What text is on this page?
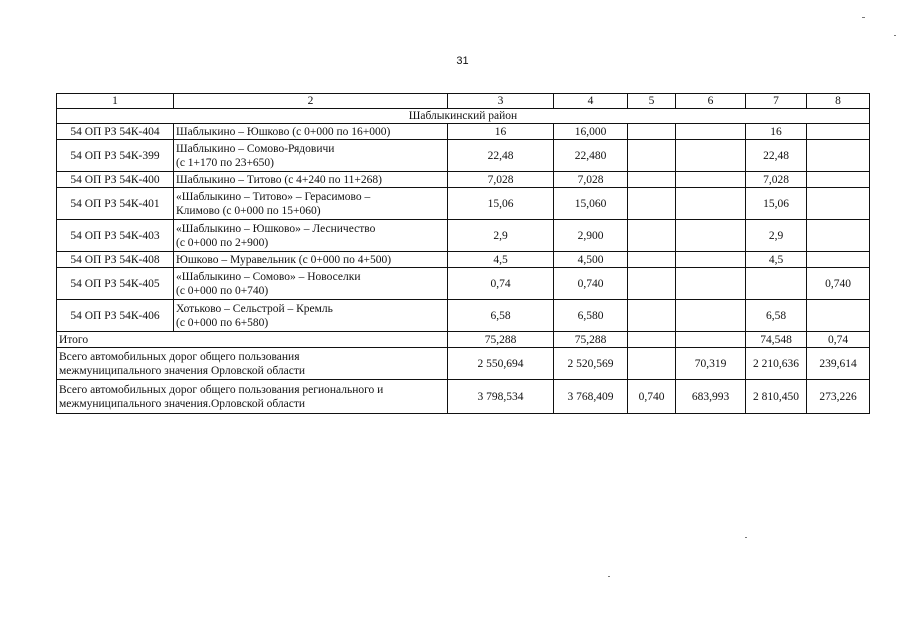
31
1	2	3	4	5	6	7	8
Шаблыкинский район							
54 ОП РЗ 54К-404	Шаблыкино – Юшково (с 0+000 по 16+000)	16	16,000			16	
54 ОП РЗ 54К-399	Шаблыкино – Сомово-Рядовичи
(с 1+170 по 23+650)	22,48	22,480			22,48	
54 ОП РЗ 54К-400	Шаблыкино – Титово (с 4+240 по 11+268)	7,028	7,028			7,028	
54 ОП РЗ 54К-401	«Шаблыкино – Титово» – Герасимово –
Климово (с 0+000 по 15+060)	15,06	15,060			15,06	
54 ОП РЗ 54К-403	«Шаблыкино – Юшково» – Лесничество
(с 0+000 по 2+900)	2,9	2,900			2,9	
54 ОП РЗ 54К-408	Юшково – Муравельник (с 0+000 по 4+500)	4,5	4,500			4,5	
54 ОП РЗ 54К-405	«Шаблыкино – Сомово» – Новоселки
(с 0+000 по 0+740)	0,74	0,740				0,740
54 ОП РЗ 54К-406	Хотьково – Сельстрой – Кремль
(с 0+000 по 6+580)	6,58	6,580			6,58	
Итого		75,288	75,288			74,548	0,74
Всего автомобильных дорог общего пользования
межмуниципального значения Орловской области		2 550,694	2 520,569		70,319	2 210,636	239,614
Всего автомобильных дорог общего пользования регионального и
межмуниципального значения.Орловской области		3 798,534	3 768,409	0,740	683,993	2 810,450	273,226
